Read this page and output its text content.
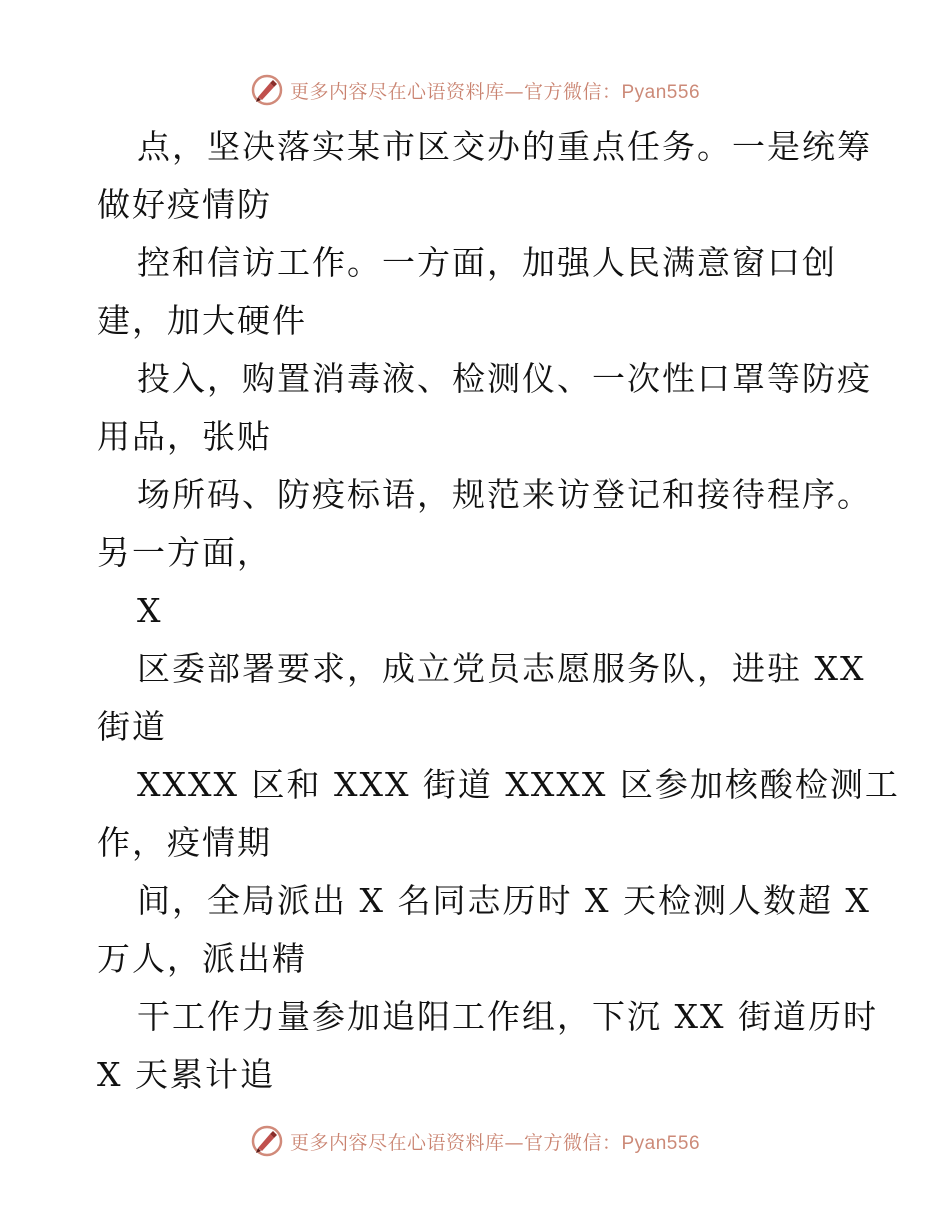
更多内容尽在心语资料库—官方微信：Pyan556
点，坚决落实某市区交办的重点任务。一是统筹
做好疫情防
控和信访工作。一方面，加强人民满意窗口创
建，加大硬件
投入，购置消毒液、检测仪、一次性口罩等防疫
用品，张贴
场所码、防疫标语，规范来访登记和接待程序。
另一方面，
X
区委部署要求，成立党员志愿服务队，进驻 XX
街道
XXXX 区和 XXX 街道 XXXX 区参加核酸检测工
作，疫情期
间，全局派出 X 名同志历时 X 天检测人数超 X
万人，派出精
干工作力量参加追阳工作组，下沉 XX 街道历时
X 天累计追
更多内容尽在心语资料库—官方微信：Pyan556
